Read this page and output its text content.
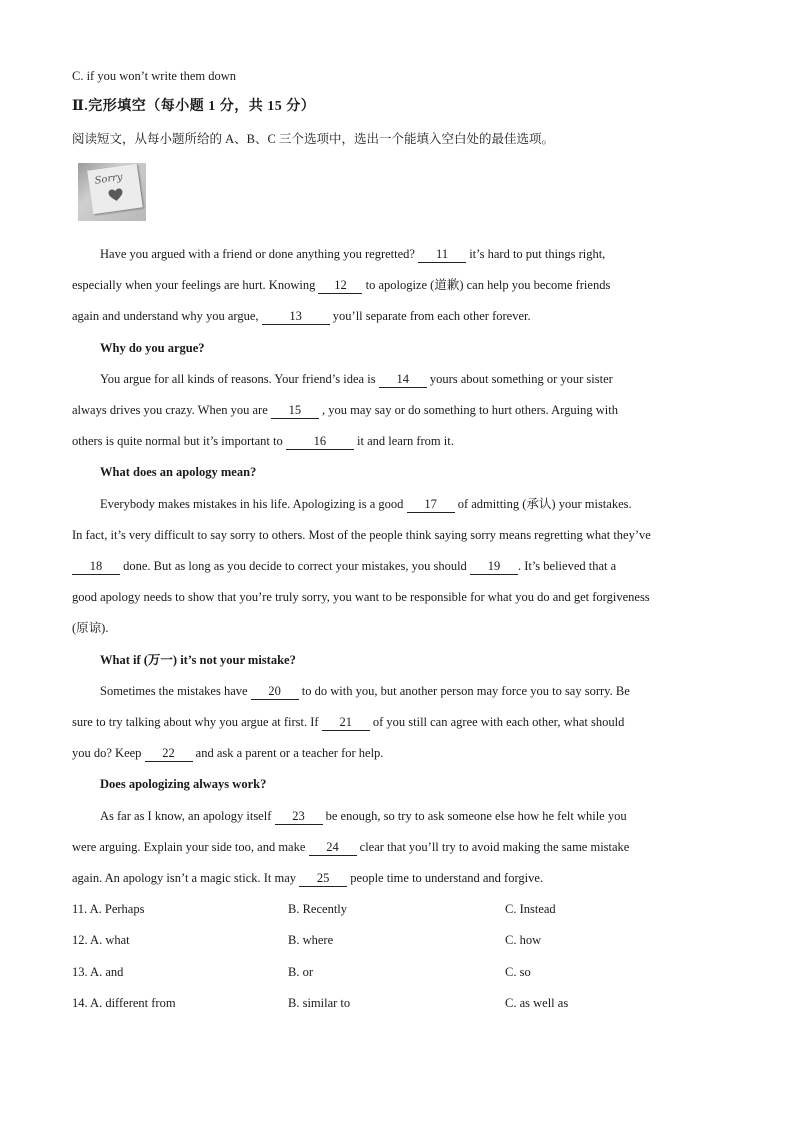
C. if you won’t write them down
Ⅱ.完形填空（每小题 1 分，共 15 分）
阅读短文，从每小题所给的 A、B、C 三个选项中，选出一个能填入空白处的最佳选项。
Sorry
Have you argued with a friend or done anything you regretted? 11 it’s hard to put things right,
especially when your feelings are hurt. Knowing 12 to apologize (道歉) can help you become friends
again and understand why you argue, 13 you’ll separate from each other forever.
Why do you argue?
You argue for all kinds of reasons. Your friend’s idea is 14 yours about something or your sister
always drives you crazy. When you are 15 , you may say or do something to hurt others. Arguing with
others is quite normal but it’s important to 16 it and learn from it.
What does an apology mean?
Everybody makes mistakes in his life. Apologizing is a good 17 of admitting (承认) your mistakes.
In fact, it’s very difficult to say sorry to others. Most of the people think saying sorry means regretting what they’ve
18 done. But as long as you decide to correct your mistakes, you should 19 . It’s believed that a
good apology needs to show that you’re truly sorry, you want to be responsible for what you do and get forgiveness
(原谅).
What if (万一) it’s not your mistake?
Sometimes the mistakes have 20 to do with you, but another person may force you to say sorry. Be
sure to try talking about why you argue at first. If 21 of you still can agree with each other, what should
you do? Keep 22 and ask a parent or a teacher for help.
Does apologizing always work?
As far as I know, an apology itself 23 be enough, so try to ask someone else how he felt while you
were arguing. Explain your side too, and make 24 clear that you’ll try to avoid making the same mistake
again. An apology isn’t a magic stick. It may 25 people time to understand and forgive.
11. A. Perhaps	B. Recently	C. Instead
12. A. what	B. where	C. how
13. A. and	B. or	C. so
14. A. different from	B. similar to	C. as well as
